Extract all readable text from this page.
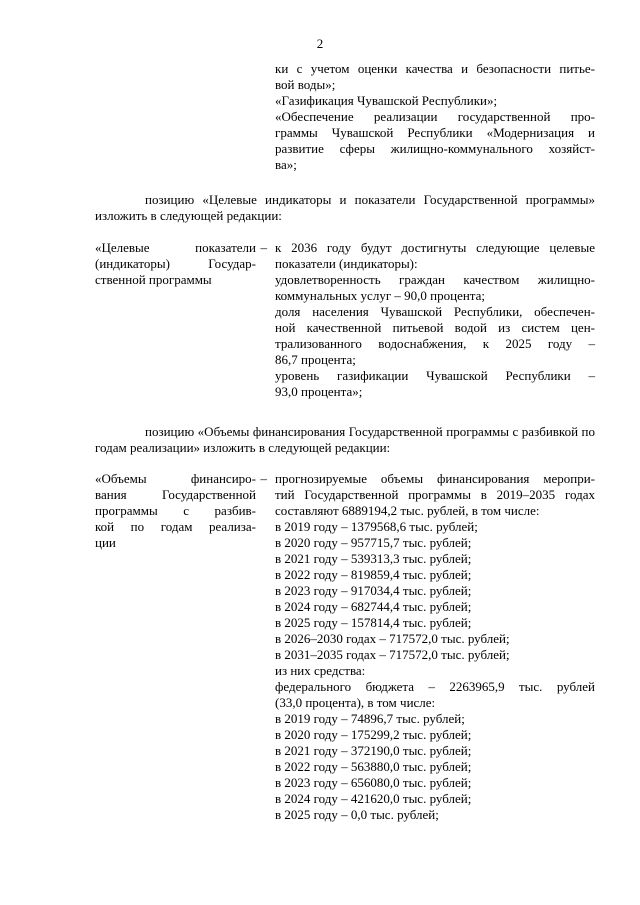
2
ки с учетом оценки качества и безопасности питье-
вой воды»;
«Газификация Чувашской Республики»;
«Обеспечение реализации государственной про-
граммы Чувашской Республики «Модернизация и
развитие сферы жилищно-коммунального хозяйст-
ва»;

позицию «Целевые индикаторы и показатели Государственной программы» изложить в следующей редакции:

«Целевые показатели
(индикаторы) Государ-
ственной программы
– к 2036 году будут достигнуты следующие целевые
показатели (индикаторы):
удовлетворенность граждан качеством жилищно-
коммунальных услуг – 90,0 процента;
доля населения Чувашской Республики, обеспечен-
ной качественной питьевой водой из систем цен-
трализованного водоснабжения, к 2025 году –
86,7 процента;
уровень газификации Чувашской Республики –
93,0 процента»;

позицию «Объемы финансирования Государственной программы с разбивкой по годам реализации» изложить в следующей редакции:

«Объемы финансиро-
вания Государственной
программы с разбив-
кой по годам реализа-
ции
– прогнозируемые объемы финансирования меропри-
тий Государственной программы в 2019–2035 годах
составляют 6889194,2 тыс. рублей, в том числе:
в 2019 году – 1379568,6 тыс. рублей;
в 2020 году – 957715,7 тыс. рублей;
в 2021 году – 539313,3 тыс. рублей;
в 2022 году – 819859,4 тыс. рублей;
в 2023 году – 917034,4 тыс. рублей;
в 2024 году – 682744,4 тыс. рублей;
в 2025 году – 157814,4 тыс. рублей;
в 2026–2030 годах – 717572,0 тыс. рублей;
в 2031–2035 годах – 717572,0 тыс. рублей;
из них средства:
федерального бюджета – 2263965,9 тыс. рублей
(33,0 процента), в том числе:
в 2019 году – 74896,7 тыс. рублей;
в 2020 году – 175299,2 тыс. рублей;
в 2021 году – 372190,0 тыс. рублей;
в 2022 году – 563880,0 тыс. рублей;
в 2023 году – 656080,0 тыс. рублей;
в 2024 году – 421620,0 тыс. рублей;
в 2025 году – 0,0 тыс. рублей;
